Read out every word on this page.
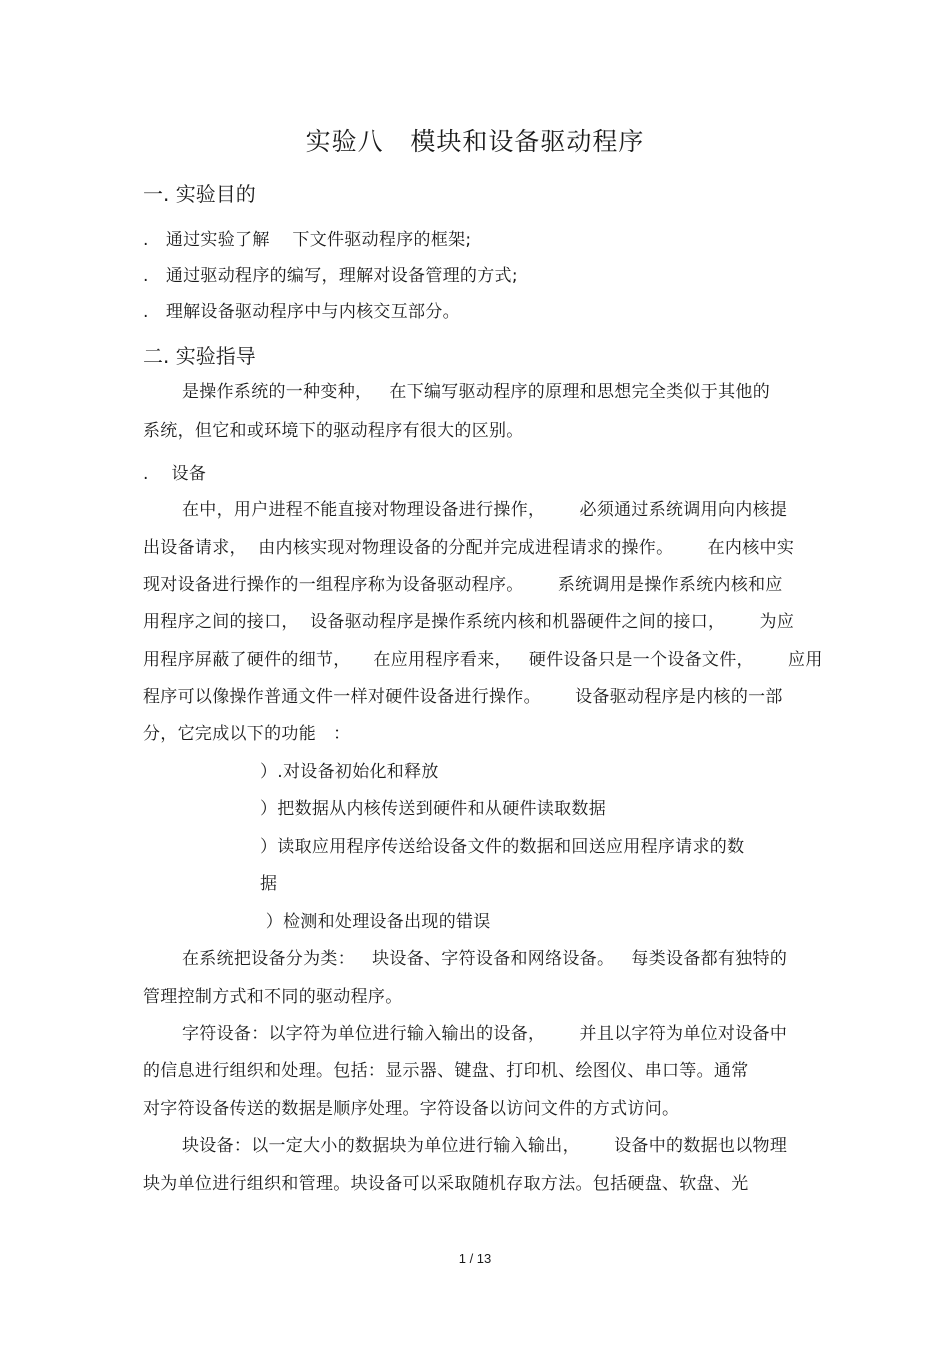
实验八   模块和设备驱动程序
一. 实验目的
.   通过实验了解    下文件驱动程序的框架;
.   通过驱动程序的编写，理解对设备管理的方式;
.   理解设备驱动程序中与内核交互部分。
二. 实验指导
是操作系统的一种变种，   在下编写驱动程序的原理和思想完全类似于其他的
系统，但它和或环境下的驱动程序有很大的区别。
.    设备
在中，用户进程不能直接对物理设备进行操作，      必须通过系统调用向内核提
出设备请求，  由内核实现对物理设备的分配并完成进程请求的操作。      在内核中实
现对设备进行操作的一组程序称为设备驱动程序。      系统调用是操作系统内核和应
用程序之间的接口，  设备驱动程序是操作系统内核和机器硬件之间的接口，      为应
用程序屏蔽了硬件的细节，    在应用程序看来，   硬件设备只是一个设备文件，      应用
程序可以像操作普通文件一样对硬件设备进行操作。      设备驱动程序是内核的一部
分，它完成以下的功能   ：
）.对设备初始化和释放
）把数据从内核传送到硬件和从硬件读取数据
）读取应用程序传送给设备文件的数据和回送应用程序请求的数
据
）检测和处理设备出现的错误
在系统把设备分为类：   块设备、字符设备和网络设备。   每类设备都有独特的
管理控制方式和不同的驱动程序。
字符设备：以字符为单位进行输入输出的设备，      并且以字符为单位对设备中
的信息进行组织和处理。包括：显示器、键盘、打印机、绘图仪、串口等。通常
对字符设备传送的数据是顺序处理。字符设备以访问文件的方式访问。
块设备：以一定大小的数据块为单位进行输入输出，      设备中的数据也以物理
块为单位进行组织和管理。块设备可以采取随机存取方法。包括硬盘、软盘、光
1 / 13
